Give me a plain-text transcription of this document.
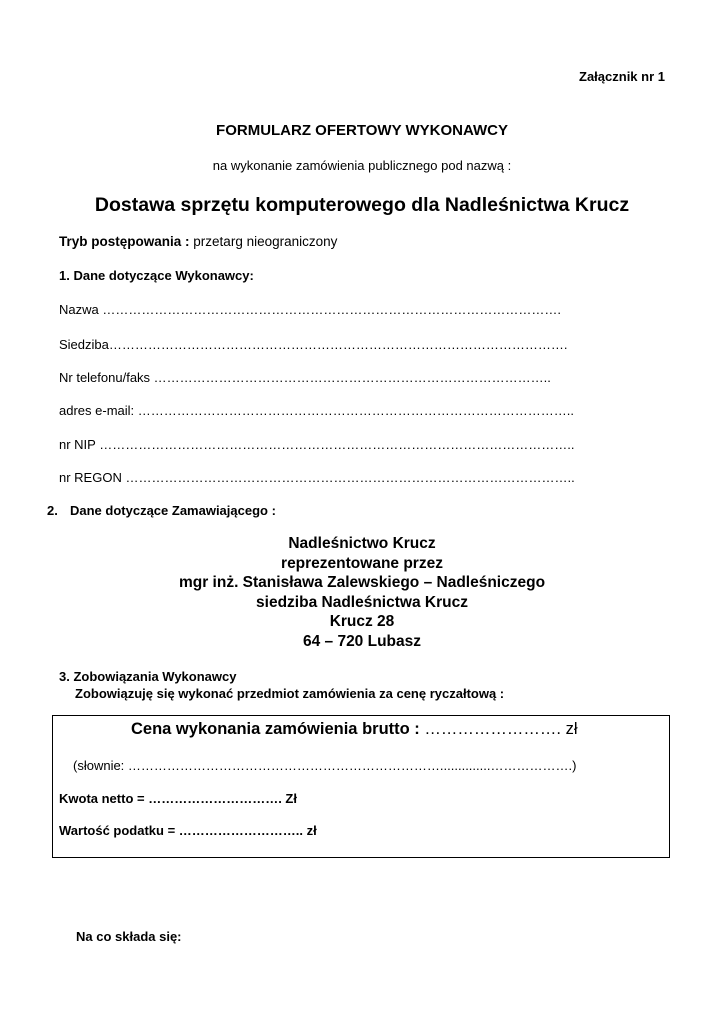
Załącznik nr 1
FORMULARZ OFERTOWY WYKONAWCY
na wykonanie zamówienia publicznego pod nazwą :
Dostawa sprzętu komputerowego dla Nadleśnictwa Krucz
Tryb postępowania : przetarg nieograniczony
1. Dane dotyczące Wykonawcy:
Nazwa …………………………………………………………………………………………….
Siedziba…………………………………………………………………………………………….
Nr telefonu/faks ………………………………………………………………………………..
adres e-mail: ………………………………………………………………………………………..
nr NIP ………………………………………………………………………………………………..
nr REGON …………………………………………………………………………………………..
2. Dane dotyczące Zamawiającego :
Nadleśnictwo Krucz
reprezentowane przez
mgr inż. Stanisława Zalewskiego – Nadleśniczego
siedziba Nadleśnictwa Krucz
Krucz 28
64 – 720 Lubasz
3. Zobowiązania Wykonawcy
Zobowiązuję się wykonać przedmiot zamówienia za cenę ryczałtową :
Cena wykonania zamówienia brutto : ……………………. zł
(słownie: ………………………………………………………………..............……………….)
Kwota netto = …………………………. Zł
Wartość podatku = ……………………….. zł
Na co składa się:
